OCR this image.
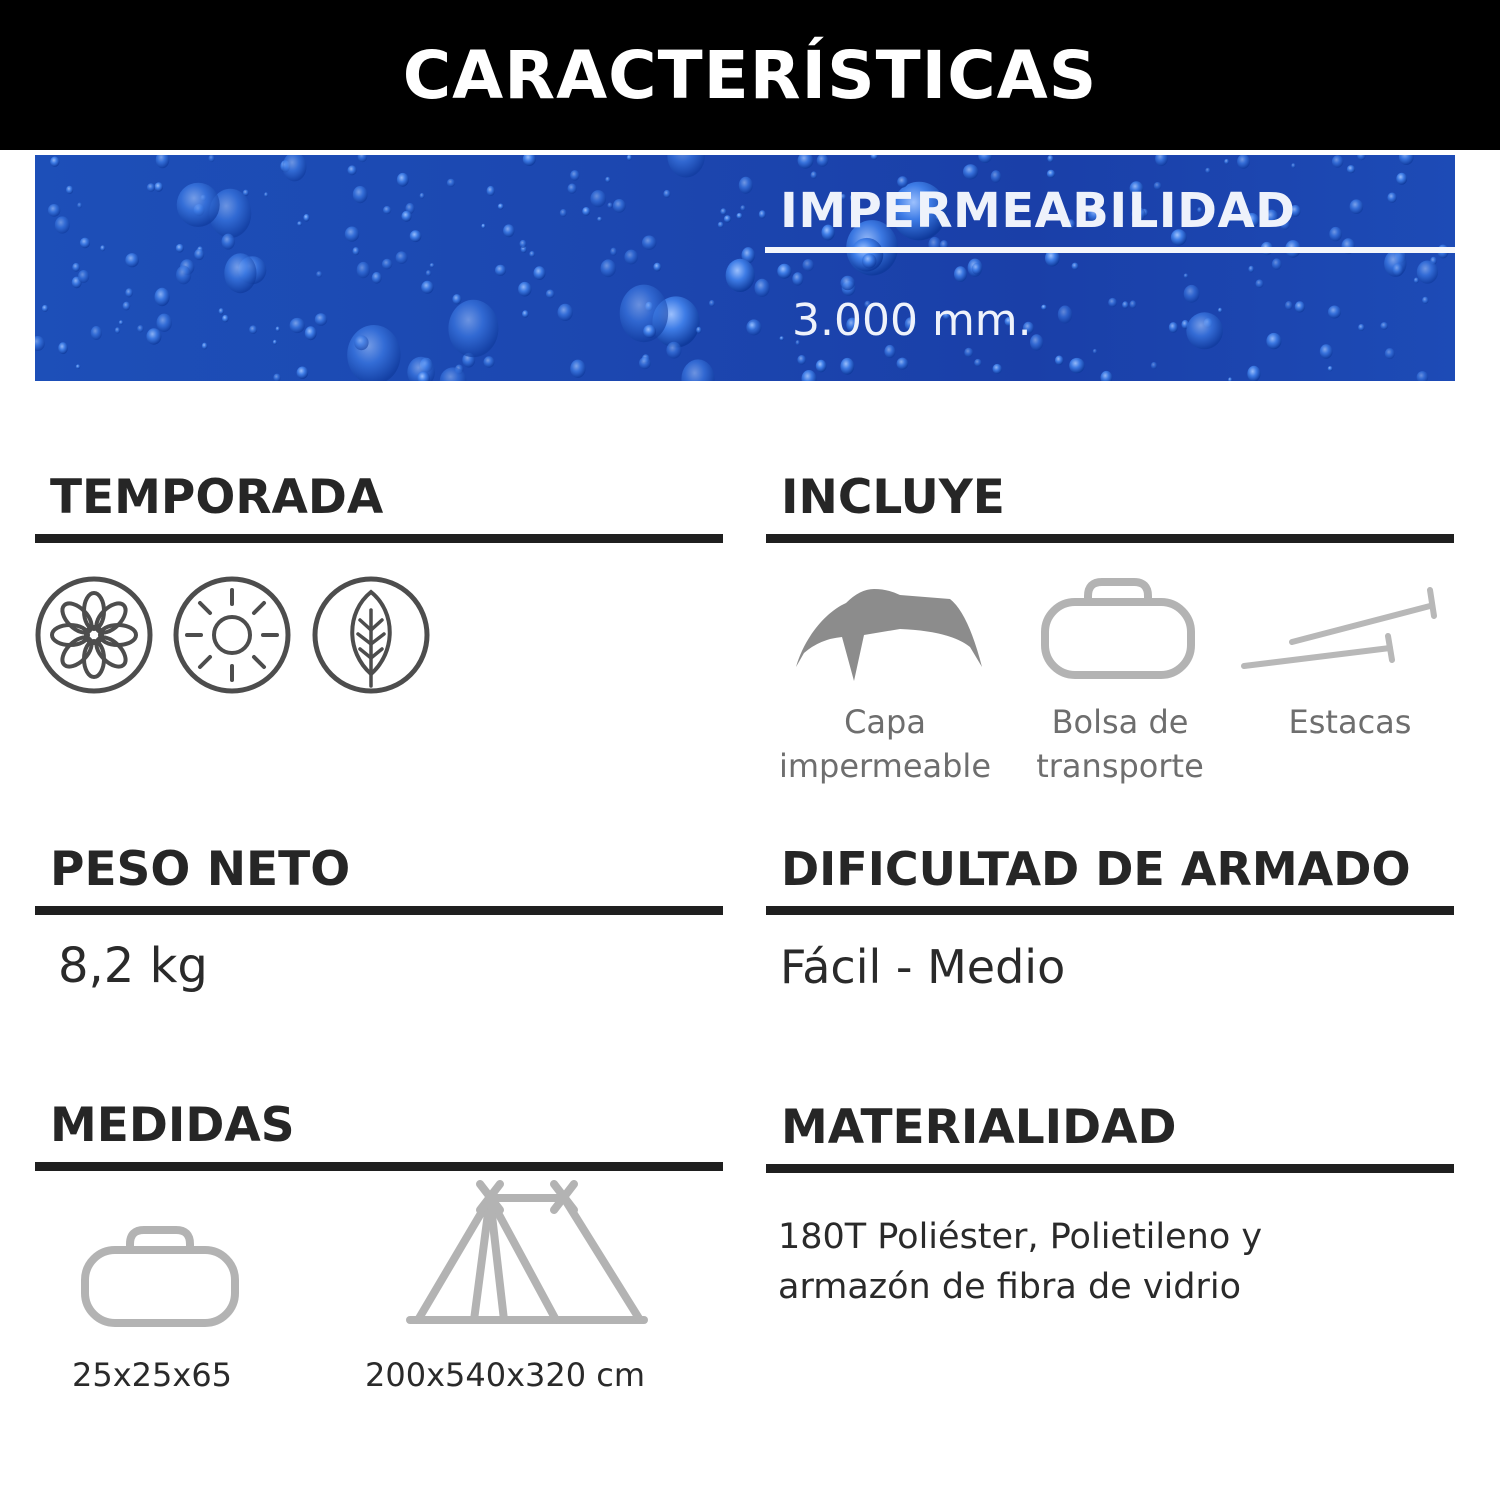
CARACTERÍSTICAS
IMPERMEABILIDAD
3.000 mm.
TEMPORADA	INCLUYE
Capa
impermeable
Bolsa de
transporte
Estacas
PESO NETO
8,2 kg
DIFICULTAD DE ARMADO
Fácil - Medio
MEDIDAS
25x25x65	200x540x320 cm
MATERIALIDAD
180T Poliéster, Polietileno y
armazón de fibra de vidrio
